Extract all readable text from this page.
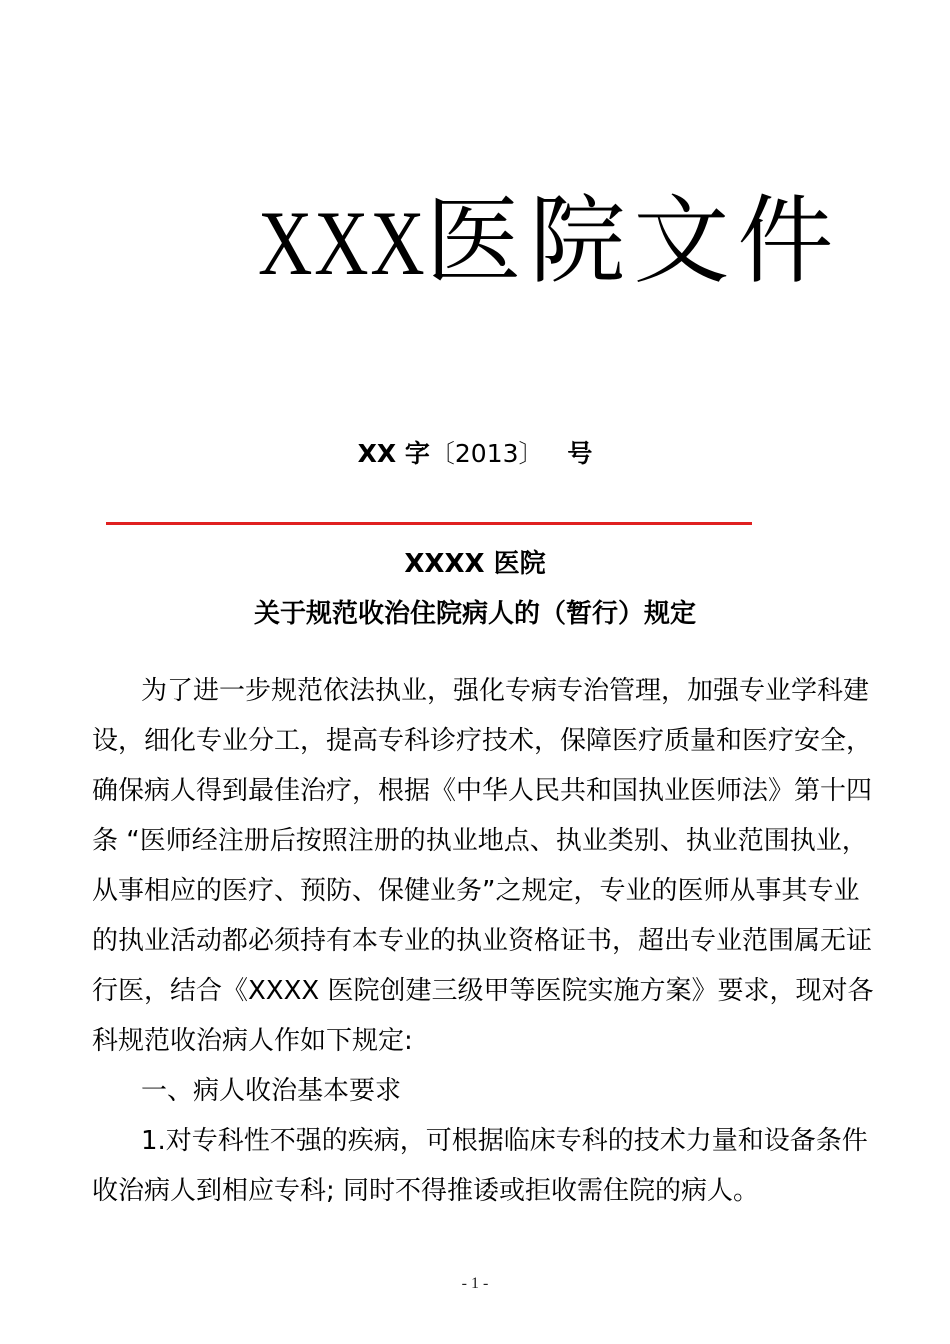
XXX医院文件
XX 字〔2013〕 号
XXXX 医院
关于规范收治住院病人的（暂行）规定
为了进一步规范依法执业，强化专病专治管理，加强专业学科建
设，细化专业分工，提高专科诊疗技术，保障医疗质量和医疗安全，
确保病人得到最佳治疗，根据《中华人民共和国执业医师法》第十四
条 “医师经注册后按照注册的执业地点、执业类别、执业范围执业，
从事相应的医疗、预防、保健业务”之规定，专业的医师从事其专业
的执业活动都必须持有本专业的执业资格证书，超出专业范围属无证
行医，结合《XXXX 医院创建三级甲等医院实施方案》要求，现对各
科规范收治病人作如下规定:
一、病人收治基本要求
1.对专科性不强的疾病，可根据临床专科的技术力量和设备条件
收治病人到相应专科; 同时不得推诿或拒收需住院的病人。
- 1 -
